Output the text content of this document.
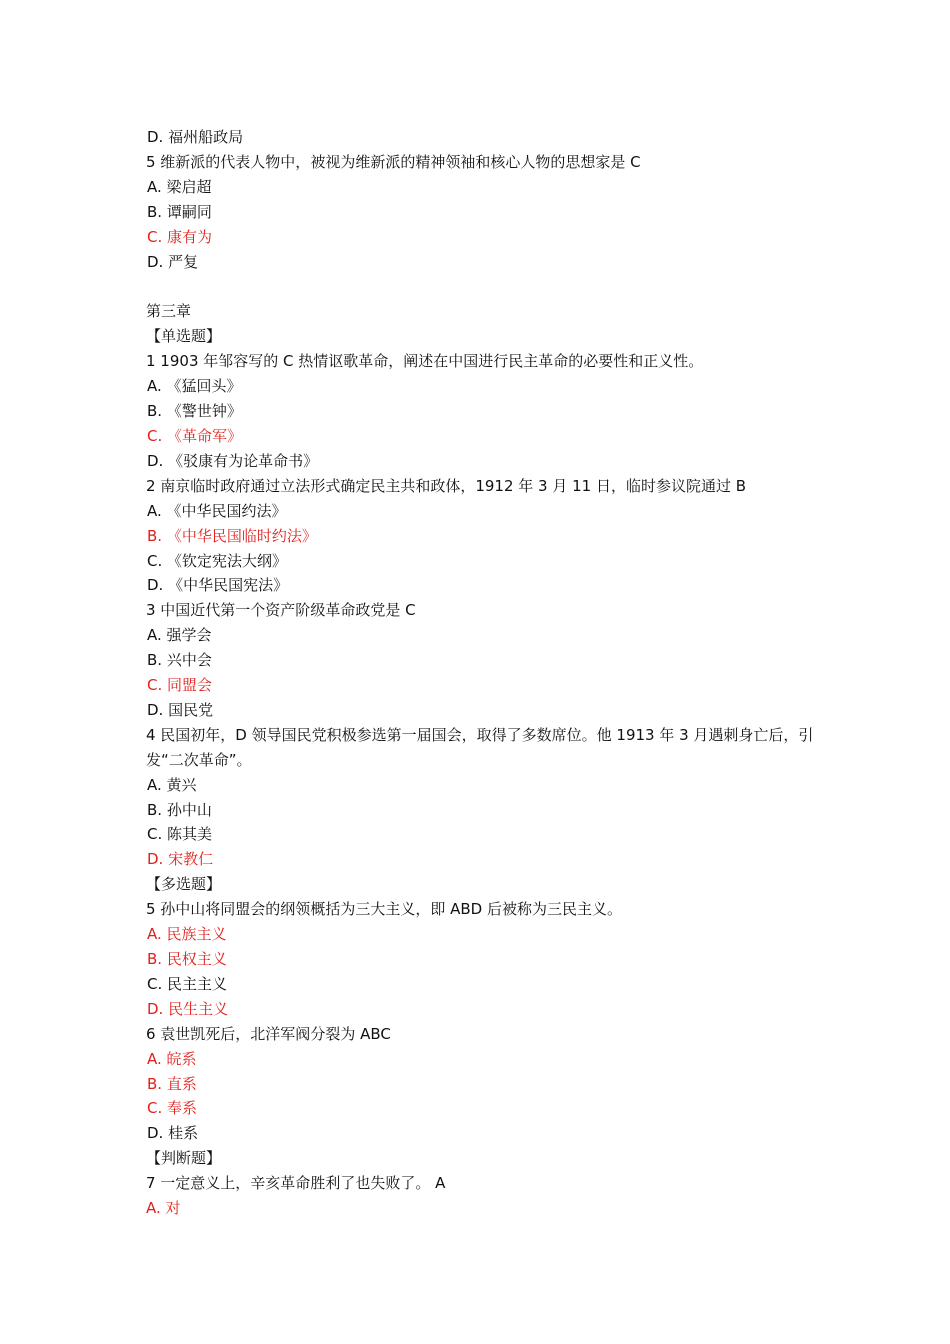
D. 福州船政局
5 维新派的代表人物中，被视为维新派的精神领袖和核心人物的思想家是 C
A. 梁启超
B. 谭嗣同
C. 康有为
D. 严复
第三章
【单选题】
1 1903 年邹容写的 C 热情讴歌革命，阐述在中国进行民主革命的必要性和正义性。
A. 《猛回头》
B. 《警世钟》
C. 《革命军》
D. 《驳康有为论革命书》
2 南京临时政府通过立法形式确定民主共和政体，1912 年 3 月 11 日，临时参议院通过 B
A. 《中华民国约法》
B. 《中华民国临时约法》
C. 《钦定宪法大纲》
D. 《中华民国宪法》
3 中国近代第一个资产阶级革命政党是 C
A. 强学会
B. 兴中会
C. 同盟会
D. 国民党
4 民国初年，D 领导国民党积极参选第一届国会，取得了多数席位。他 1913 年 3 月遇刺身亡后，引发“二次革命”。
A. 黄兴
B. 孙中山
C. 陈其美
D. 宋教仁
【多选题】
5 孙中山将同盟会的纲领概括为三大主义，即 ABD 后被称为三民主义。
A. 民族主义
B. 民权主义
C. 民主主义
D. 民生主义
6 袁世凯死后，北洋军阀分裂为 ABC
A. 皖系
B. 直系
C. 奉系
D. 桂系
【判断题】
7 一定意义上，辛亥革命胜利了也失败了。 A
A. 对
